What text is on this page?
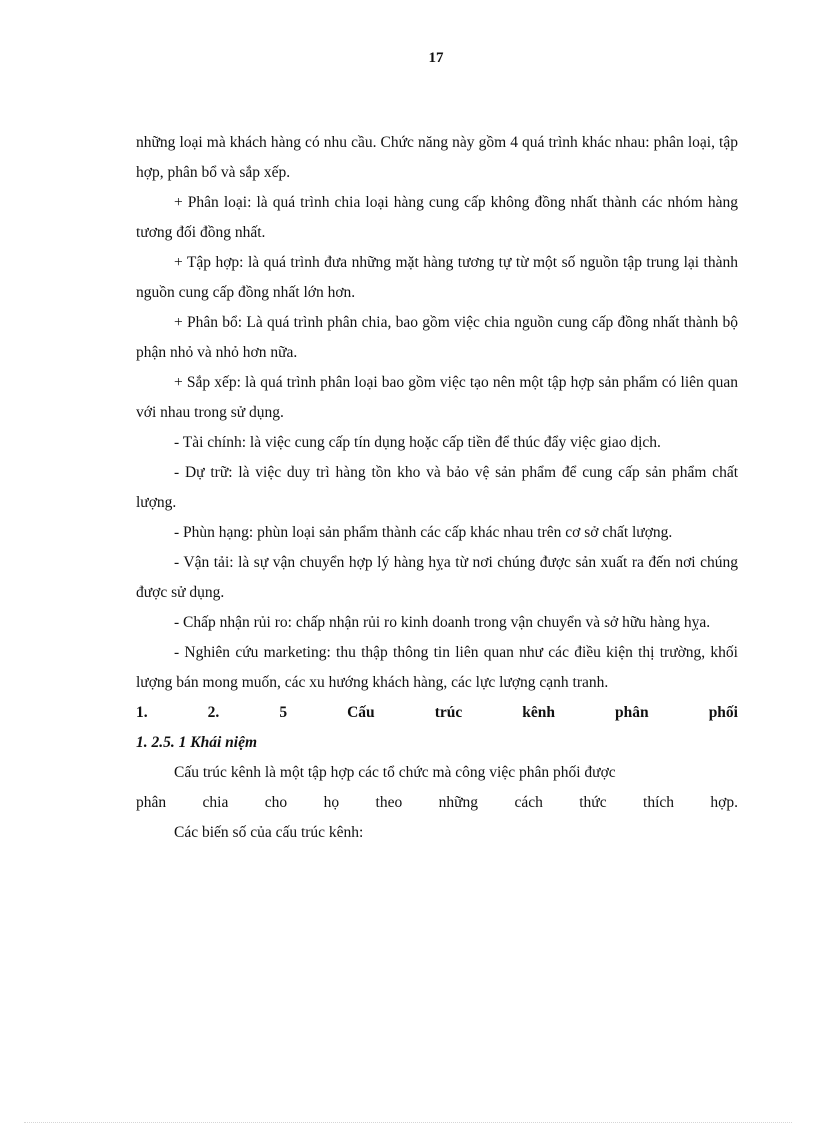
17

những loại mà khách hàng có nhu cầu. Chức năng này gồm 4 quá trình khác nhau: phân loại, tập hợp, phân bổ và sắp xếp.

+ Phân loại: là quá trình chia loại hàng cung cấp không đồng nhất thành các nhóm hàng tương đối đồng nhất.

+ Tập hợp: là quá trình đưa những mặt hàng tương tự từ một số nguồn tập trung lại thành nguồn cung cấp đồng nhất lớn hơn.

+ Phân bổ: Là quá trình phân chia, bao gồm việc chia nguồn cung cấp đồng nhất thành bộ phận nhỏ và nhỏ hơn nữa.

+ Sắp xếp: là quá trình phân loại bao gồm việc tạo nên một tập hợp sản phẩm có liên quan với nhau trong sử dụng.

- Tài chính: là việc cung cấp tín dụng hoặc cấp tiền để thúc đẩy việc giao dịch.

- Dự trữ: là việc duy trì hàng tồn kho và bảo vệ sản phẩm để cung cấp sản phẩm chất lượng.

- Phùn hạng: phùn loại sản phẩm thành các cấp khác nhau trên cơ sở chất lượng.

- Vận tải: là sự vận chuyển hợp lý hàng hỵa từ nơi chúng được sản xuất ra đến nơi chúng được sử dụng.

- Chấp nhận rủi ro: chấp nhận rủi ro kinh doanh trong vận chuyển và sở hữu hàng hỵa.

- Nghiên cứu marketing: thu thập thông tin liên quan như các điều kiện thị trường, khối lượng bán mong muốn, các xu hướng khách hàng, các lực lượng cạnh tranh.

1. 2. 5 Cấu trúc kênh phân phối

1. 2.5. 1 Khái niệm

Cấu trúc kênh là một tập hợp các tổ chức mà công việc phân phối được

phân chia cho họ theo những cách thức thích hợp.

Các biến số của cấu trúc kênh:
